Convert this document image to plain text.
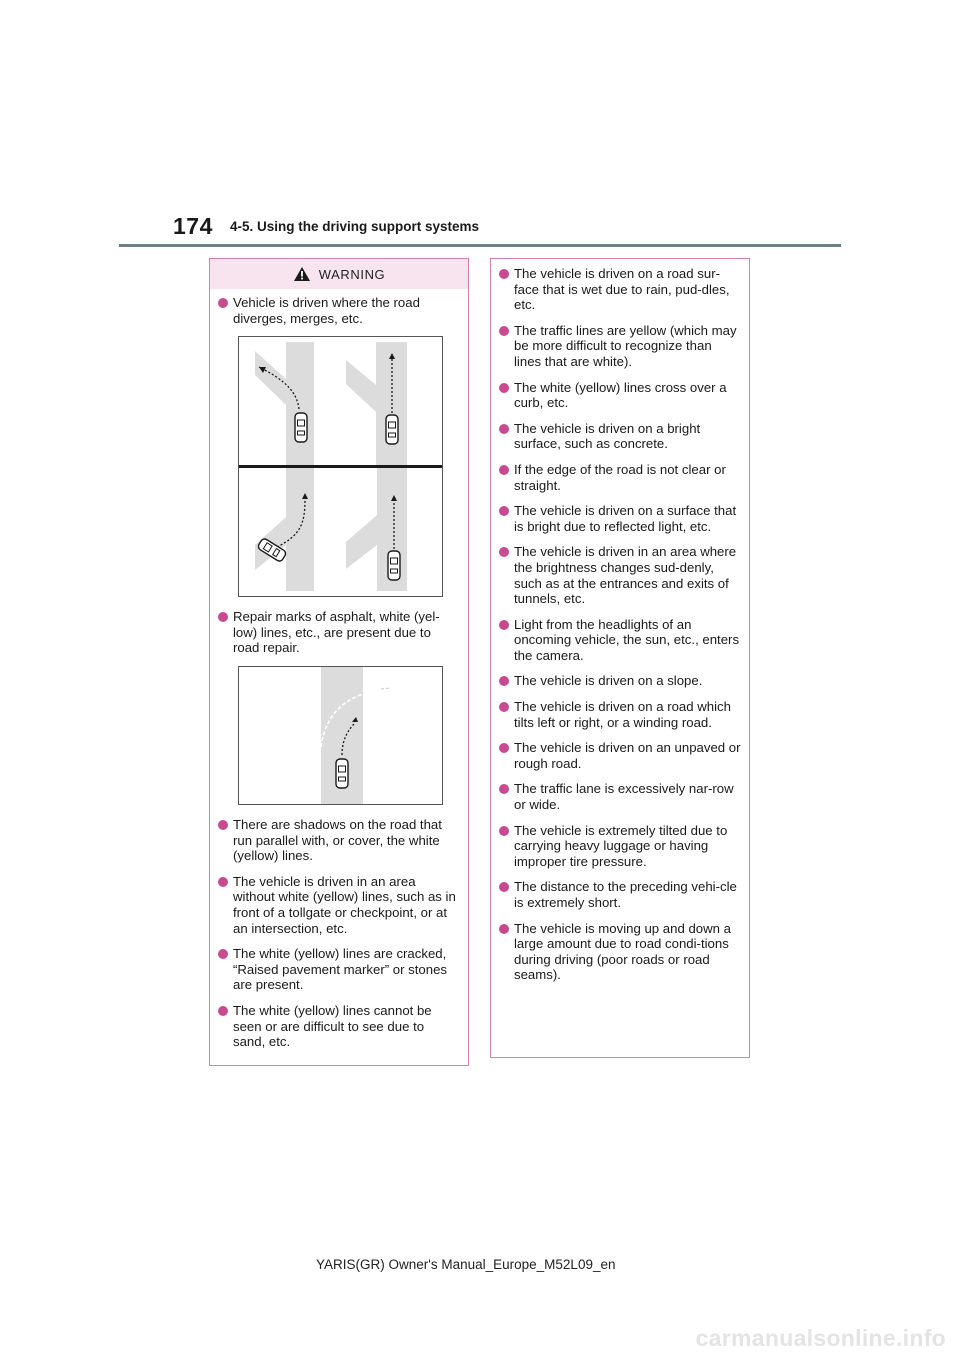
174 4-5. Using the driving support systems
WARNING
Vehicle is driven where the road diverges, merges, etc.
Repair marks of asphalt, white (yel-low) lines, etc., are present due to road repair.
There are shadows on the road that run parallel with, or cover, the white (yellow) lines.
The vehicle is driven in an area without white (yellow) lines, such as in front of a tollgate or checkpoint, or at an intersection, etc.
The white (yellow) lines are cracked, “Raised pavement marker” or stones are present.
The white (yellow) lines cannot be seen or are difficult to see due to sand, etc.
The vehicle is driven on a road sur-face that is wet due to rain, pud-dles, etc.
The traffic lines are yellow (which may be more difficult to recognize than lines that are white).
The white (yellow) lines cross over a curb, etc.
The vehicle is driven on a bright surface, such as concrete.
If the edge of the road is not clear or straight.
The vehicle is driven on a surface that is bright due to reflected light, etc.
The vehicle is driven in an area where the brightness changes sud-denly, such as at the entrances and exits of tunnels, etc.
Light from the headlights of an oncoming vehicle, the sun, etc., enters the camera.
The vehicle is driven on a slope.
The vehicle is driven on a road which tilts left or right, or a winding road.
The vehicle is driven on an unpaved or rough road.
The traffic lane is excessively nar-row or wide.
The vehicle is extremely tilted due to carrying heavy luggage or having improper tire pressure.
The distance to the preceding vehi-cle is extremely short.
The vehicle is moving up and down a large amount due to road condi-tions during driving (poor roads or road seams).
YARIS(GR) Owner's Manual_Europe_M52L09_en
carmanualsonline.info
